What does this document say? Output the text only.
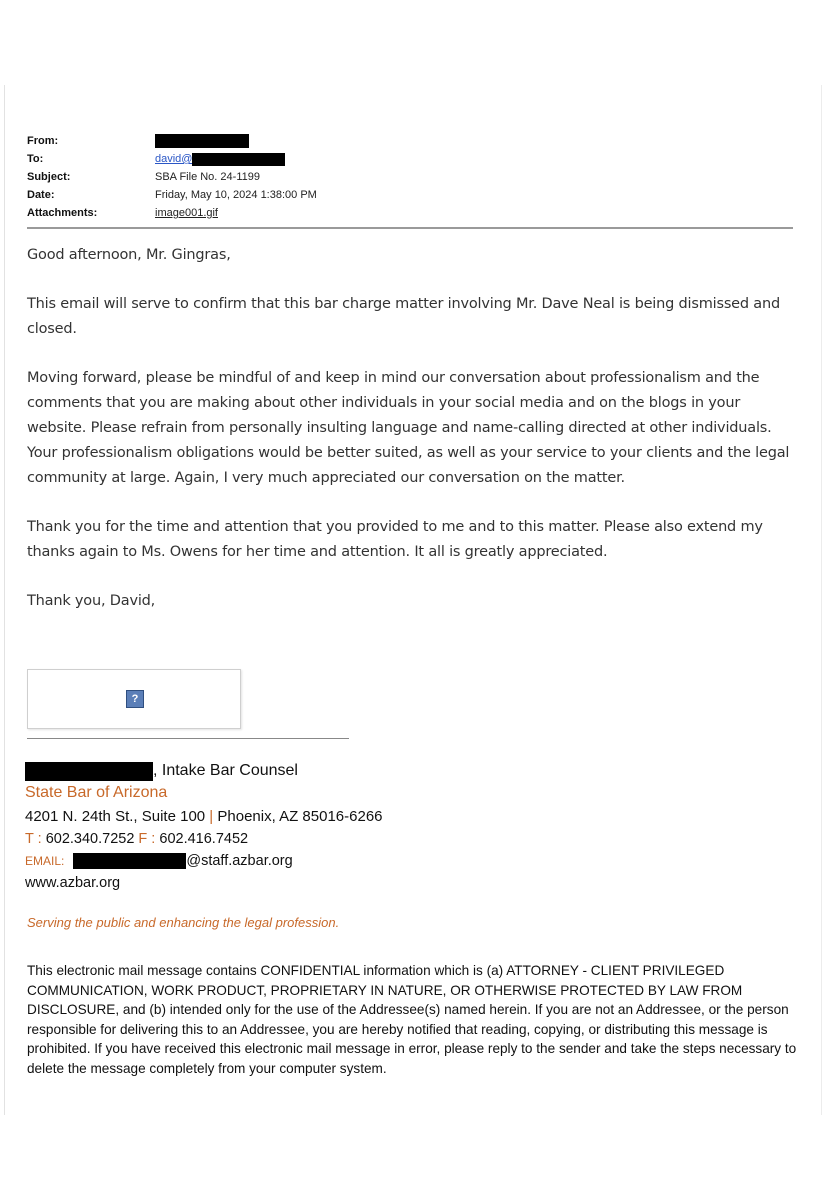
From:
To:	david@
Subject:	SBA File No. 24-1199
Date:	Friday, May 10, 2024 1:38:00 PM
Attachments:	image001.gif

Good afternoon, Mr. Gingras,

This email will serve to confirm that this bar charge matter involving Mr. Dave Neal is being dismissed and closed.

Moving forward, please be mindful of and keep in mind our conversation about professionalism and the comments that you are making about other individuals in your social media and on the blogs in your website. Please refrain from personally insulting language and name-calling directed at other individuals. Your professionalism obligations would be better suited, as well as your service to your clients and the legal community at large. Again, I very much appreciated our conversation on the matter.

Thank you for the time and attention that you provided to me and to this matter. Please also extend my thanks again to Ms. Owens for her time and attention. It all is greatly appreciated.

Thank you, David,

?
, Intake Bar Counsel
State Bar of Arizona
4201 N. 24th St., Suite 100 | Phoenix, AZ 85016-6266
T : 602.340.7252 F : 602.416.7452
EMAIL:	@staff.azbar.org
www.azbar.org
Serving the public and enhancing the legal profession.
This electronic mail message contains CONFIDENTIAL information which is (a) ATTORNEY - CLIENT PRIVILEGED COMMUNICATION, WORK PRODUCT, PROPRIETARY IN NATURE, OR OTHERWISE PROTECTED BY LAW FROM DISCLOSURE, and (b) intended only for the use of the Addressee(s) named herein. If you are not an Addressee, or the person responsible for delivering this to an Addressee, you are hereby notified that reading, copying, or distributing this message is prohibited. If you have received this electronic mail message in error, please reply to the sender and take the steps necessary to delete the message completely from your computer system.
